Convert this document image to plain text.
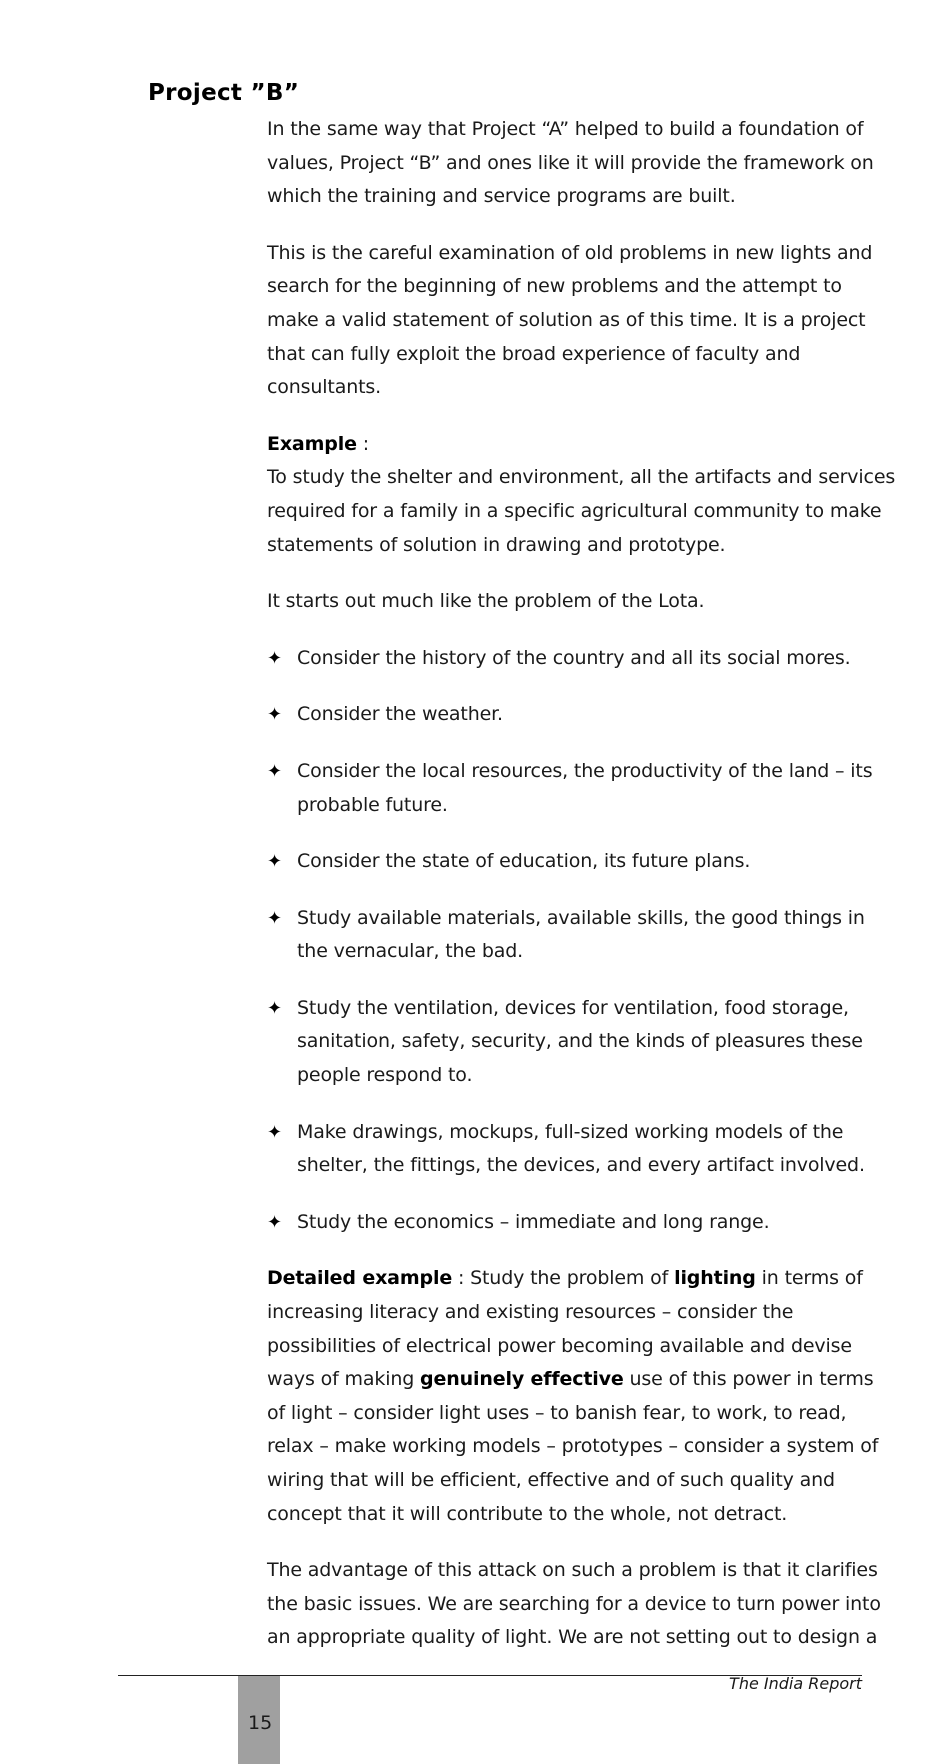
Project ”B”

In the same way that Project “A” helped to build a foundation of values, Project “B” and ones like it will provide the framework on which the training and service programs are built.

This is the careful examination of old problems in new lights and search for the beginning of new problems and the attempt to make a valid statement of solution as of this time. It is a project that can fully exploit the broad experience of faculty and consultants.

Example :

To study the shelter and environment, all the artifacts and services required for a family in a specific agricultural community to make statements of solution in drawing and prototype.

It starts out much like the problem of the Lota.

✦ Consider the history of the country and all its social mores.
✦ Consider the weather.
✦ Consider the local resources, the productivity of the land – its probable future.
✦ Consider the state of education, its future plans.
✦ Study available materials, available skills, the good things in the vernacular, the bad.
✦ Study the ventilation, devices for ventilation, food storage, sanitation, safety, security, and the kinds of pleasures these people respond to.
✦ Make drawings, mockups, full-sized working models of the shelter, the fittings, the devices, and every artifact involved.
✦ Study the economics – immediate and long range.

Detailed example : Study the problem of lighting in terms of increasing literacy and existing resources – consider the possibilities of electrical power becoming available and devise ways of making genuinely effective use of this power in terms of light – consider light uses – to banish fear, to work, to read, relax – make working models – prototypes – consider a system of wiring that will be efficient, effective and of such quality and concept that it will contribute to the whole, not detract.

The advantage of this attack on such a problem is that it clarifies the basic issues. We are searching for a device to turn power into an appropriate quality of light. We are not setting out to design a

The India Report
15
